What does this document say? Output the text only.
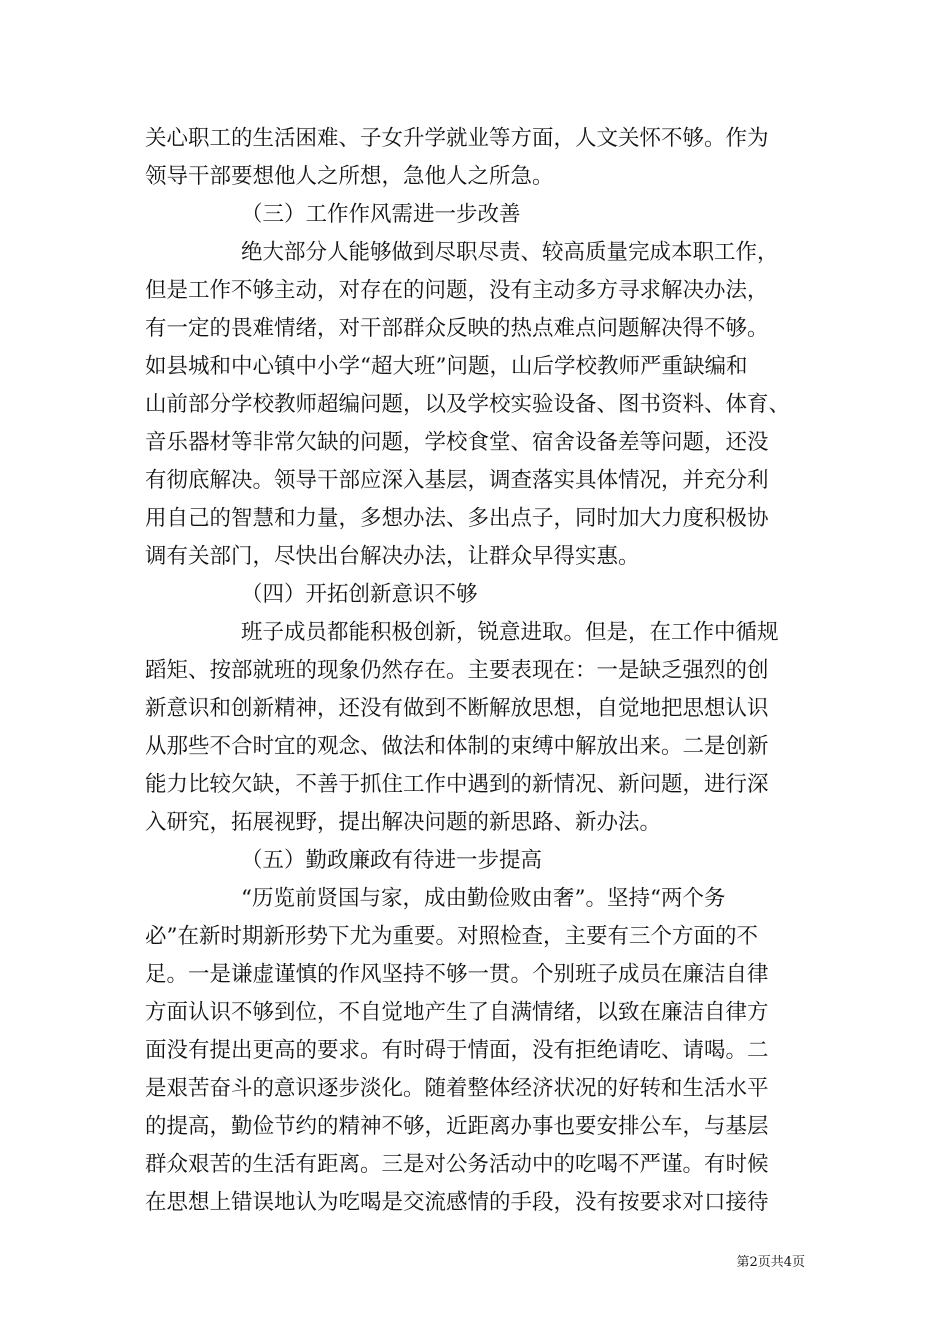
关心职工的生活困难、子女升学就业等方面，人文关怀不够。作为
领导干部要想他人之所想，急他人之所急。
（三）工作作风需进一步改善
绝大部分人能够做到尽职尽责、较高质量完成本职工作，
但是工作不够主动，对存在的问题，没有主动多方寻求解决办法，
有一定的畏难情绪，对干部群众反映的热点难点问题解决得不够。
如县城和中心镇中小学“超大班”问题，山后学校教师严重缺编和
山前部分学校教师超编问题，以及学校实验设备、图书资料、体育、
音乐器材等非常欠缺的问题，学校食堂、宿舍设备差等问题，还没
有彻底解决。领导干部应深入基层，调查落实具体情况，并充分利
用自己的智慧和力量，多想办法、多出点子，同时加大力度积极协
调有关部门，尽快出台解决办法，让群众早得实惠。
（四）开拓创新意识不够
班子成员都能积极创新，锐意进取。但是，在工作中循规
蹈矩、按部就班的现象仍然存在。主要表现在：一是缺乏强烈的创
新意识和创新精神，还没有做到不断解放思想，自觉地把思想认识
从那些不合时宜的观念、做法和体制的束缚中解放出来。二是创新
能力比较欠缺，不善于抓住工作中遇到的新情况、新问题，进行深
入研究，拓展视野，提出解决问题的新思路、新办法。
（五）勤政廉政有待进一步提高
“历览前贤国与家，成由勤俭败由奢”。坚持“两个务
必”在新时期新形势下尤为重要。对照检查，主要有三个方面的不
足。一是谦虚谨慎的作风坚持不够一贯。个别班子成员在廉洁自律
方面认识不够到位，不自觉地产生了自满情绪，以致在廉洁自律方
面没有提出更高的要求。有时碍于情面，没有拒绝请吃、请喝。二
是艰苦奋斗的意识逐步淡化。随着整体经济状况的好转和生活水平
的提高，勤俭节约的精神不够，近距离办事也要安排公车，与基层
群众艰苦的生活有距离。三是对公务活动中的吃喝不严谨。有时候
在思想上错误地认为吃喝是交流感情的手段，没有按要求对口接待
第2页共4页
